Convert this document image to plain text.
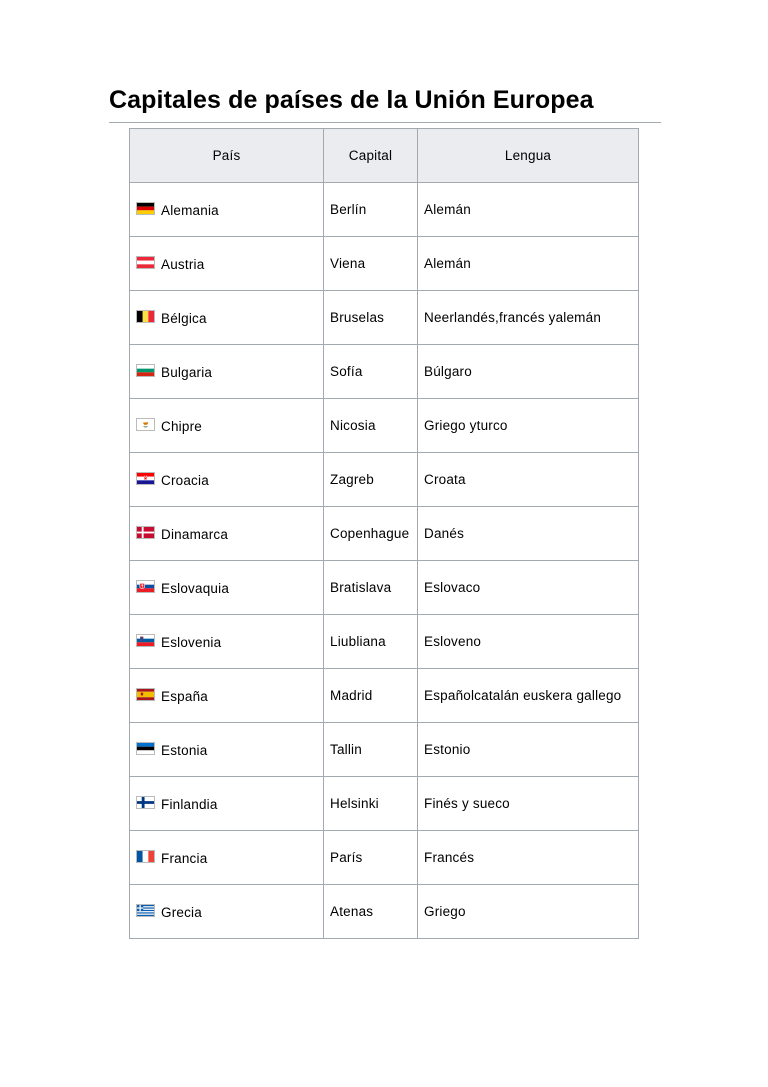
Capitales de países de la Unión Europea
País	Capital	Lengua

Alemania	Berlín	Alemán

Austria	Viena	Alemán

Bélgica	Bruselas	Neerlandés,francés yalemán

Bulgaria	Sofía	Búlgaro

Chipre	Nicosia	Griego yturco

Croacia	Zagreb	Croata

Dinamarca	Copenhague	Danés

Eslovaquia	Bratislava	Eslovaco

Eslovenia	Liubliana	Esloveno

España	Madrid	Españolcatalán euskera gallego

Estonia	Tallin	Estonio

Finlandia	Helsinki	Finés y sueco

Francia	París	Francés

Grecia	Atenas	Griego
